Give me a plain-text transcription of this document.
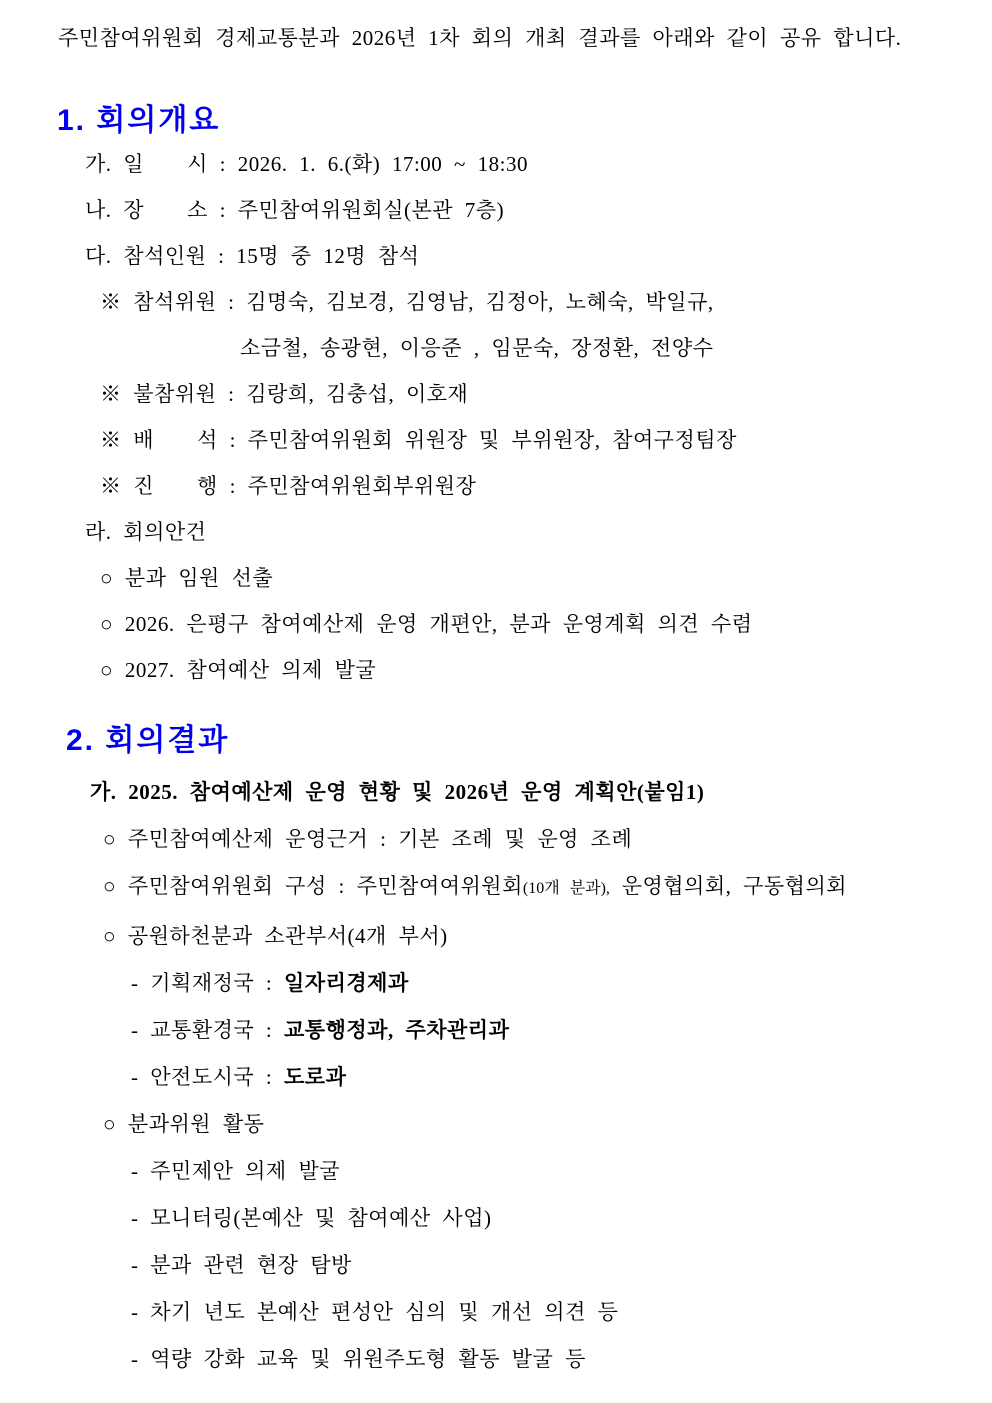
주민참여위원회 경제교통분과 2026년 1차 회의 개최 결과를 아래와 같이 공유 합니다.
1. 회의개요
가. 일　　시 : 2026. 1. 6.(화) 17:00 ~ 18:30
나. 장　　소 : 주민참여위원회실(본관 7층)
다. 참석인원 : 15명 중 12명 참석
※ 참석위원 : 김명숙, 김보경, 김영남, 김정아, 노혜숙, 박일규,
소금철, 송광현, 이응준 , 임문숙, 장정환, 전양수
※ 불참위원 : 김랑희, 김충섭, 이호재
※ 배　　석 : 주민참여위원회 위원장 및 부위원장, 참여구정팀장
※ 진　　행 : 주민참여위원회부위원장
라. 회의안건
○ 분과 임원 선출
○ 2026. 은평구 참여예산제 운영 개편안, 분과 운영계획 의견 수렴
○ 2027. 참여예산 의제 발굴
2. 회의결과
가. 2025. 참여예산제 운영 현황 및 2026년 운영 계획안(붙임1)
○ 주민참여예산제 운영근거 : 기본 조례 및 운영 조례
○ 주민참여위원회 구성 : 주민참여여위원회(10개 분과), 운영협의회, 구동협의회
○ 공원하천분과 소관부서(4개 부서)
- 기획재정국 : 일자리경제과
- 교통환경국 : 교통행정과, 주차관리과
- 안전도시국 : 도로과
○ 분과위원 활동
- 주민제안 의제 발굴
- 모니터링(본예산 및 참여예산 사업)
- 분과 관련 현장 탐방
- 차기 년도 본예산 편성안 심의 및 개선 의견 등
- 역량 강화 교육 및 위원주도형 활동 발굴 등
